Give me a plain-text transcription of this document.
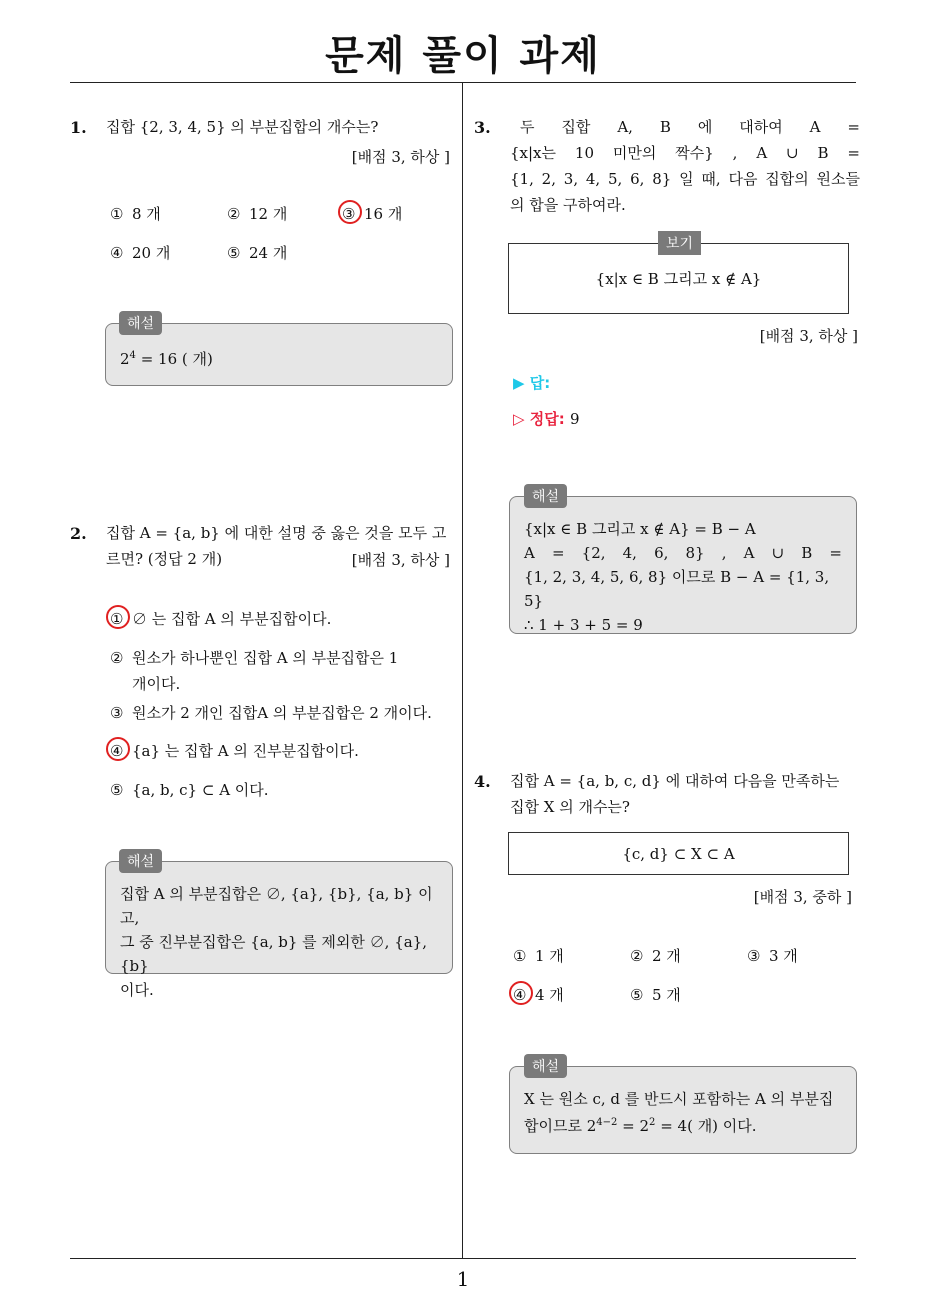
문제 풀이 과제
1
1. 집합 {2, 3, 4, 5} 의 부분집합의 개수는?
[배점 3, 하상 ]
① 8 개	② 12 개	③ 16 개
④ 20 개	⑤ 24 개
$2^4 = 16$ ( 개)
해설
2. 집합 A = {a, b} 에 대한 설명 중 옳은 것을 모두 고
르면? (정답 2 개)	[배점 3, 하상 ]
① ∅ 는 집합 A 의 부분집합이다.
② 원소가 하나뿐인 집합 A 의 부분집합은 1
개이다.
③ 원소가 2 개인 집합A 의 부분집합은 2 개이다.
④ {a} 는 집합 A 의 진부분집합이다.
⑤ {a, b, c} ⊂ A 이다.
집합 A 의 부분집합은 ∅, {a}, {b}, {a, b} 이고,
그 중 진부분집합은 {a, b} 를 제외한 ∅, {a}, {b}
이다.
해설
3. 두 집합 A, B 에 대하여 A =
{x|x는 10 미만의 짝수} , A ∪ B =
{1, 2, 3, 4, 5, 6, 8} 일 때, 다음 집합의 원소들
의 합을 구하여라.
{x|x ∈ B 그리고 x ∉ A}
보기
[배점 3, 하상 ]
▶ 답:
▷ 정답: 9
{x|x ∈ B 그리고 x ∉ A} = B − A
A = {2, 4, 6, 8} , A ∪ B =
{1, 2, 3, 4, 5, 6, 8} 이므로 B − A = {1, 3, 5}
∴ 1 + 3 + 5 = 9
해설
4. 집합 A = {a, b, c, d} 에 대하여 다음을 만족하는
집합 X 의 개수는?
{c, d} ⊂ X ⊂ A
[배점 3, 중하 ]
① 1 개	② 2 개	③ 3 개
④ 4 개	⑤ 5 개
X 는 원소 c, d 를 반드시 포함하는 A 의 부분집
합이므로 $2^{4-2} = 2^2 = 4$( 개) 이다.
해설
